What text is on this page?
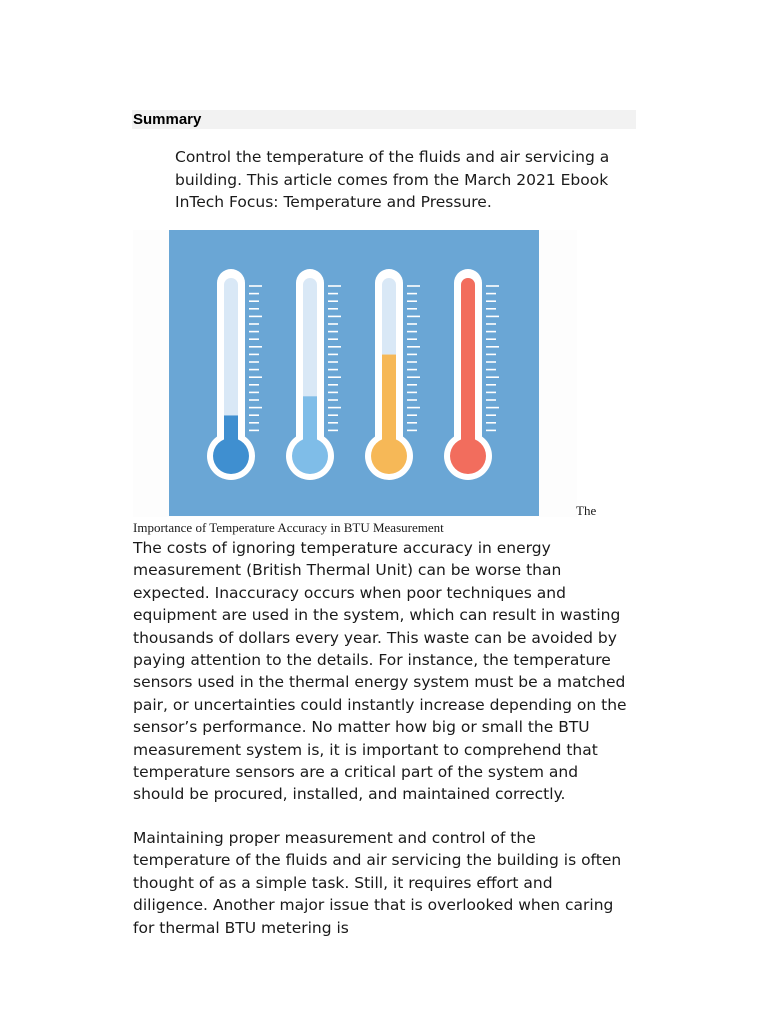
Summary

Control the temperature of the fluids and air servicing a building. This article comes from the March 2021 Ebook InTech Focus: Temperature and Pressure.

The
Importance of Temperature Accuracy in BTU Measurement

The costs of ignoring temperature accuracy in energy measurement (British Thermal Unit) can be worse than expected. Inaccuracy occurs when poor techniques and equipment are used in the system, which can result in wasting thousands of dollars every year. This waste can be avoided by paying attention to the details. For instance, the temperature sensors used in the thermal energy system must be a matched pair, or uncertainties could instantly increase depending on the sensor’s performance. No matter how big or small the BTU measurement system is, it is important to comprehend that temperature sensors are a critical part of the system and should be procured, installed, and maintained correctly.

Maintaining proper measurement and control of the temperature of the fluids and air servicing the building is often thought of as a simple task. Still, it requires effort and diligence. Another major issue that is overlooked when caring for thermal BTU metering is
